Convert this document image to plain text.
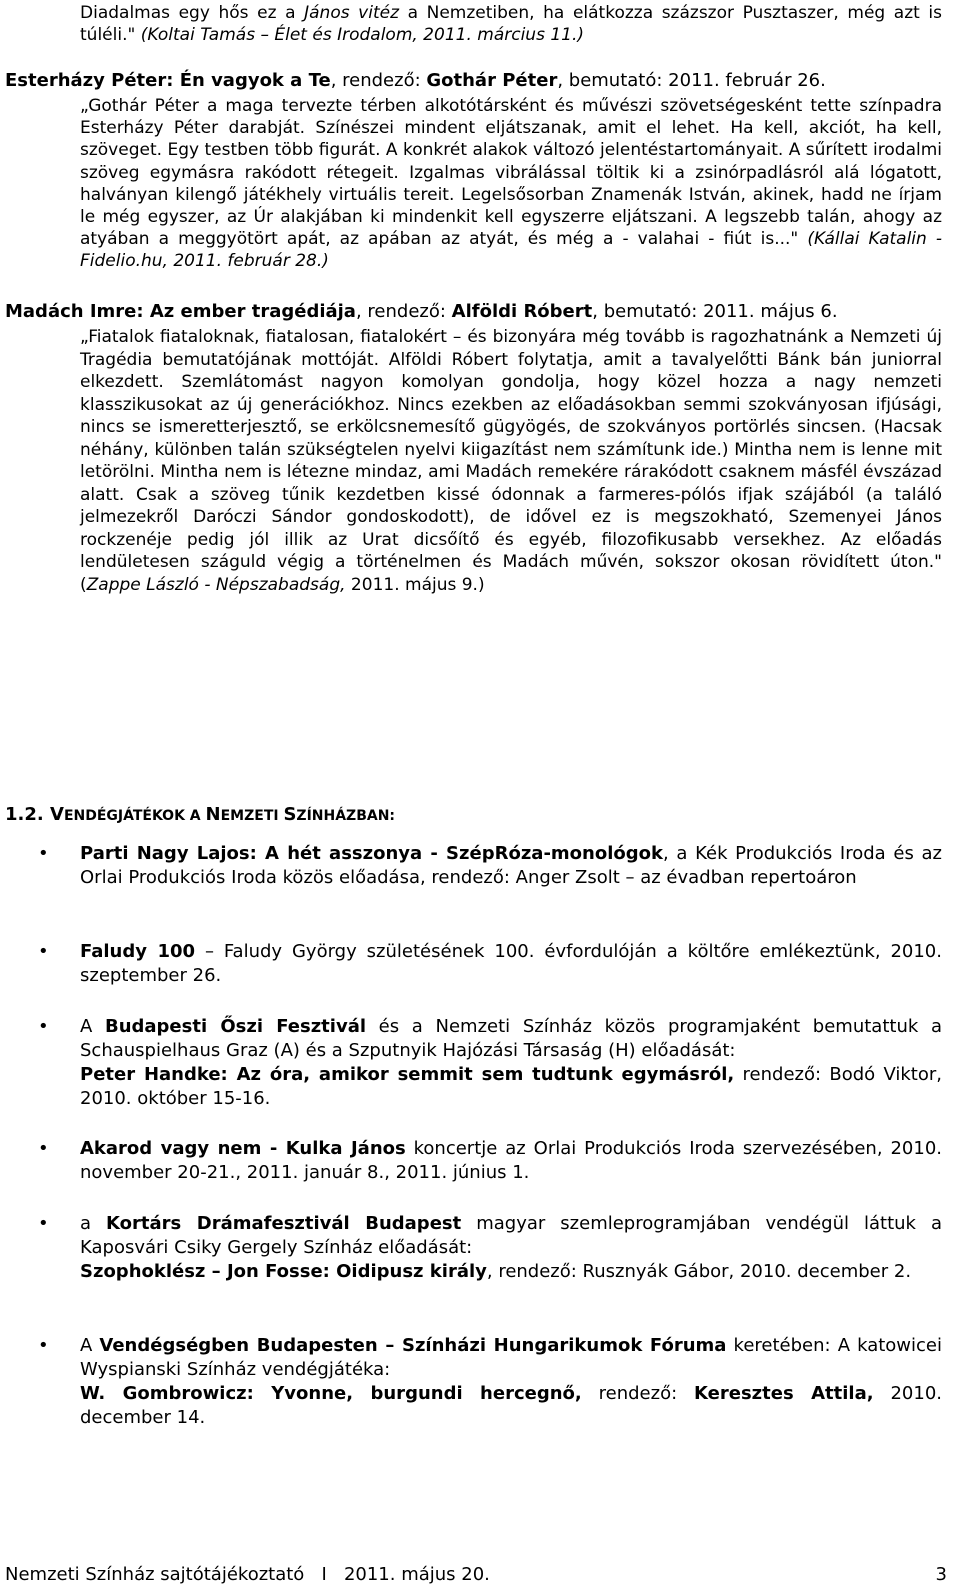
Diadalmas egy hős ez a János vitéz a Nemzetiben, ha elátkozza százszor Pusztaszer, még azt is túléli." (Koltai Tamás – Élet és Irodalom, 2011. március 11.)

Esterházy Péter: Én vagyok a Te, rendező: Gothár Péter, bemutató: 2011. február 26.

„Gothár Péter a maga tervezte térben alkotótársként és művészi szövetségesként tette színpadra Esterházy Péter darabját. Színészei mindent eljátszanak, amit el lehet. Ha kell, akciót, ha kell, szöveget. Egy testben több figurát. A konkrét alakok változó jelentéstartományait. A sűrített irodalmi szöveg egymásra rakódott rétegeit. Izgalmas vibrálással töltik ki a zsinórpadlásról alá lógatott, halványan kilengő játékhely virtuális tereit. Legelsősorban Znamenák István, akinek, hadd ne írjam le még egyszer, az Úr alakjában ki mindenkit kell egyszerre eljátszani. A legszebb talán, ahogy az atyában a meggyötört apát, az apában az atyát, és még a - valahai - fiút is..." (Kállai Katalin - Fidelio.hu, 2011. február 28.)

Madách Imre: Az ember tragédiája, rendező: Alföldi Róbert, bemutató: 2011. május 6.

„Fiatalok fiataloknak, fiatalosan, fiatalokért – és bizonyára még tovább is ragozhatnánk a Nemzeti új Tragédia bemutatójának mottóját. Alföldi Róbert folytatja, amit a tavalyelőtti Bánk bán juniorral elkezdett. Szemlátomást nagyon komolyan gondolja, hogy közel hozza a nagy nemzeti klasszikusokat az új generációkhoz. Nincs ezekben az előadásokban semmi szokványosan ifjúsági, nincs se ismeretterjesztő, se erkölcsnemesítő gügyögés, de szokványos portörlés sincsen. (Hacsak néhány, különben talán szükségtelen nyelvi kiigazítást nem számítunk ide.) Mintha nem is lenne mit letörölni. Mintha nem is létezne mindaz, ami Madách remekére rárakódott csaknem másfél évszázad alatt. Csak a szöveg tűnik kezdetben kissé ódonnak a farmeres-pólós ifjak szájából (a találó jelmezekről Daróczi Sándor gondoskodott), de idővel ez is megszokható, Szemenyei János rockzenéje pedig jól illik az Urat dicsőítő és egyéb, filozofikusabb versekhez. Az előadás lendületesen száguld végig a történelmen és Madách művén, sokszor okosan rövidített úton." (Zappe László - Népszabadság, 2011. május 9.)

1.2. VENDÉGJÁTÉKOK A NEMZETI SZÍNHÁZBAN:

• Parti Nagy Lajos: A hét asszonya - SzépRóza-monológok, a Kék Produkciós Iroda és az Orlai Produkciós Iroda közös előadása, rendező: Anger Zsolt – az évadban repertoáron

• Faludy 100 – Faludy György születésének 100. évfordulóján a költőre emlékeztünk, 2010. szeptember 26.

• A Budapesti Őszi Fesztivál és a Nemzeti Színház közös programjaként bemutattuk a Schauspielhaus Graz (A) és a Szputnyik Hajózási Társaság (H) előadását:
Peter Handke: Az óra, amikor semmit sem tudtunk egymásról, rendező: Bodó Viktor, 2010. október 15-16.

• Akarod vagy nem - Kulka János koncertje az Orlai Produkciós Iroda szervezésében, 2010. november 20-21., 2011. január 8., 2011. június 1.

• a Kortárs Drámafesztivál Budapest magyar szemleprogramjában vendégül láttuk a Kaposvári Csiky Gergely Színház előadását:
Szophoklész – Jon Fosse: Oidipusz király, rendező: Rusznyák Gábor, 2010. december 2.

• A Vendégségben Budapesten – Színházi Hungarikumok Fóruma keretében: A katowicei Wyspianski Színház vendégjátéka:
W. Gombrowicz: Yvonne, burgundi hercegnő, rendező: Keresztes Attila, 2010. december 14.

Nemzeti Színház sajtótájékoztató   I   2011. május 20.	3
